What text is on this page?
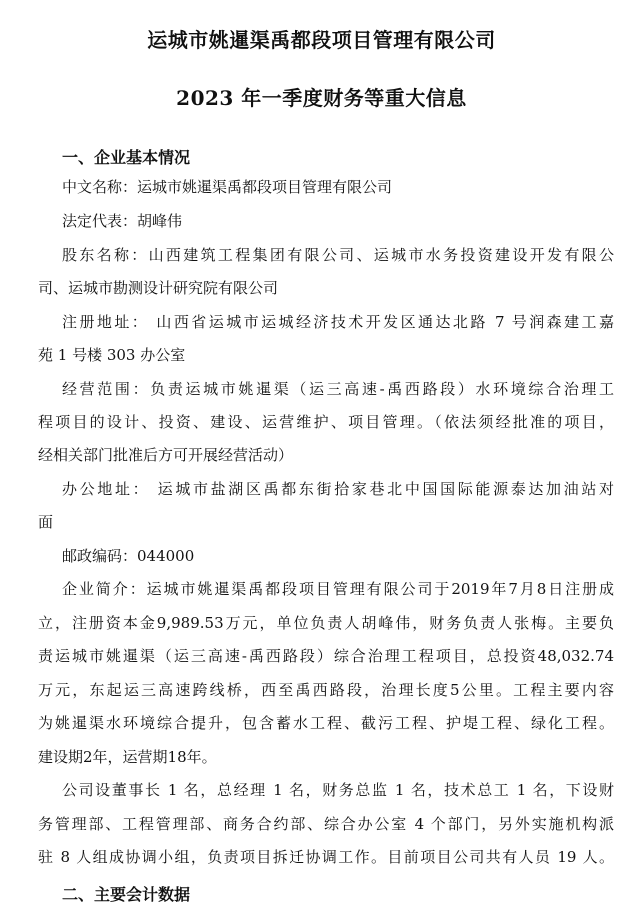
运城市姚暹渠禹都段项目管理有限公司
2023 年一季度财务等重大信息
一、企业基本情况
中文名称：运城市姚暹渠禹都段项目管理有限公司
法定代表：胡峰伟
股东名称：山西建筑工程集团有限公司、运城市水务投资建设开发有限公
司、运城市勘测设计研究院有限公司
注册地址： 山西省运城市运城经济技术开发区通达北路 7 号润森建工嘉
苑 1 号楼 303 办公室
经营范围：负责运城市姚暹渠（运三高速-禹西路段）水环境综合治理工
程项目的设计、投资、建设、运营维护、项目管理。（依法须经批准的项目，
经相关部门批准后方可开展经营活动）
办公地址： 运城市盐湖区禹都东街拾家巷北中国国际能源泰达加油站对
面
邮政编码：044000
企业简介：运城市姚暹渠禹都段项目管理有限公司于2019年7月8日注册成
立，注册资本金9,989.53万元，单位负责人胡峰伟，财务负责人张梅。主要负
责运城市姚暹渠（运三高速-禹西路段）综合治理工程项目，总投资48,032.74
万元，东起运三高速跨线桥，西至禹西路段，治理长度5公里。工程主要内容
为姚暹渠水环境综合提升，包含蓄水工程、截污工程、护堤工程、绿化工程。
建设期2年，运营期18年。
公司设董事长 1 名，总经理 1 名，财务总监 1 名，技术总工 1 名，下设财
务管理部、工程管理部、商务合约部、综合办公室 4 个部门，另外实施机构派
驻 8 人组成协调小组，负责项目拆迁协调工作。目前项目公司共有人员 19 人。
二、主要会计数据
